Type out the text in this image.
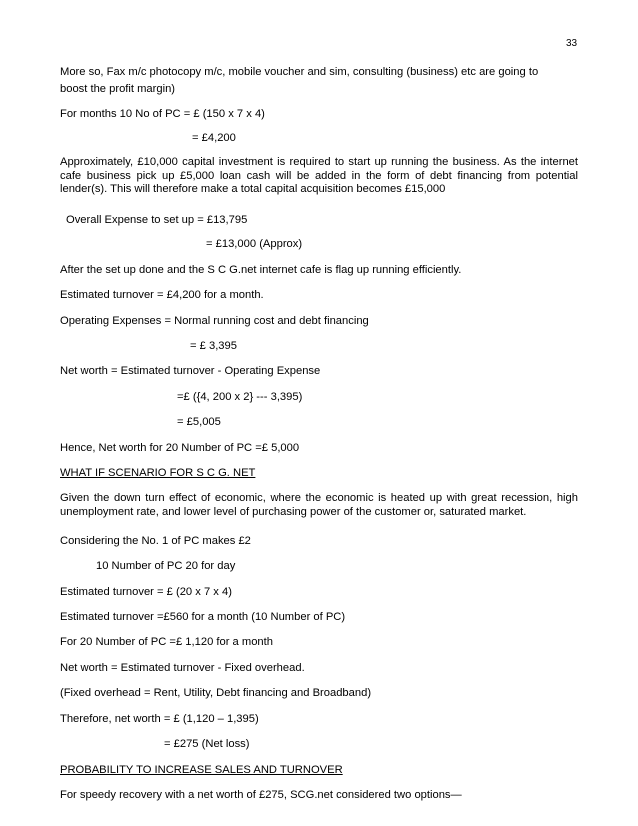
33
More so, Fax m/c photocopy m/c, mobile voucher and sim, consulting (business) etc are going to
boost the profit margin)
For months 10 No of PC = £ (150 x 7 x 4)
= £4,200
Approximately, £10,000 capital investment is required to start up running the business. As the internet cafe business pick up £5,000 loan cash will be added in the form of debt financing from potential lender(s). This will therefore make a total capital acquisition becomes £15,000
Overall Expense to set up = £13,795
= £13,000 (Approx)
After the set up done and the S C G.net internet cafe is flag up running efficiently.
Estimated turnover = £4,200 for a month.
Operating Expenses = Normal running cost and debt financing
= £ 3,395
Net worth = Estimated turnover - Operating Expense
=£ ({4, 200 x 2} --- 3,395)
= £5,005
Hence, Net worth for 20 Number of PC =£ 5,000
WHAT IF SCENARIO FOR S C G. NET
Given the down turn effect of economic, where the economic is heated up with great recession, high unemployment rate, and lower level of purchasing power of the customer or, saturated market.
Considering the No. 1 of PC makes £2
10 Number of PC 20 for day
Estimated turnover = £ (20 x 7 x 4)
Estimated turnover =£560 for a month (10 Number of PC)
For 20 Number of PC =£ 1,120 for a month
Net worth = Estimated turnover - Fixed overhead.
(Fixed overhead = Rent, Utility, Debt financing and Broadband)
Therefore, net worth = £ (1,120 – 1,395)
= £275 (Net loss)
PROBABILITY TO INCREASE SALES AND TURNOVER
For speedy recovery with a net worth of £275, SCG.net considered two options—
